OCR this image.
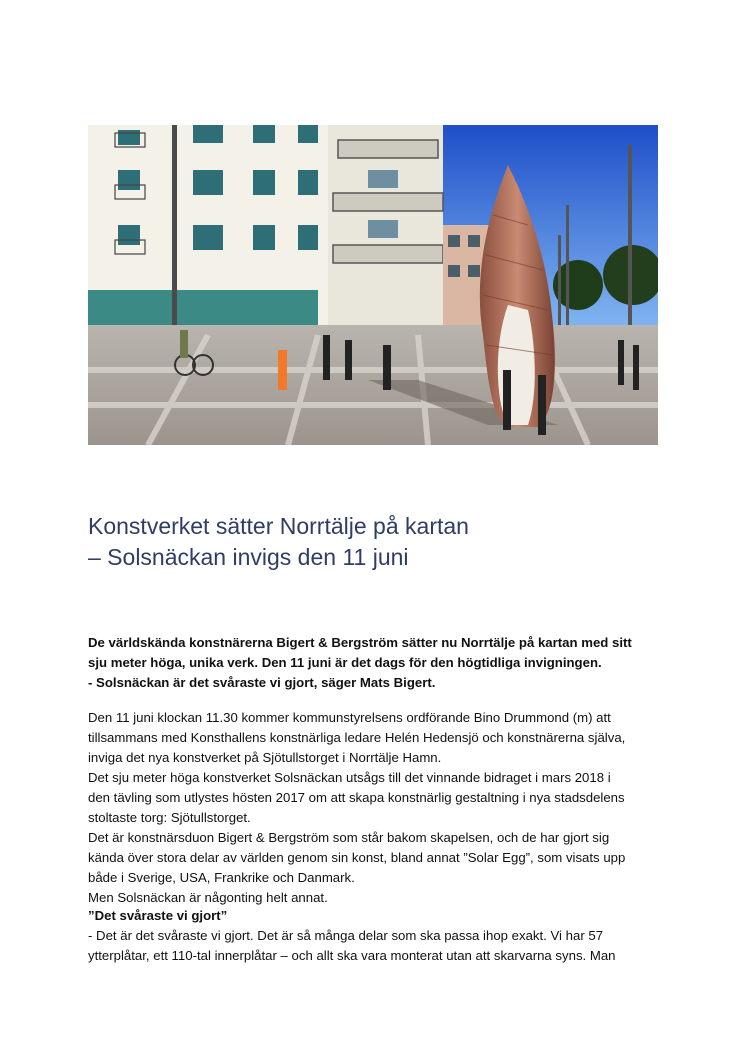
Konstverket sätter Norrtälje på kartan
– Solsnäckan invigs den 11 juni

De världskända konstnärerna Bigert & Bergström sätter nu Norrtälje på kartan med sitt
sju meter höga, unika verk. Den 11 juni är det dags för den högtidliga invigningen.
- Solsnäckan är det svåraste vi gjort, säger Mats Bigert.

Den 11 juni klockan 11.30 kommer kommunstyrelsens ordförande Bino Drummond (m) att
tillsammans med Konsthallens konstnärliga ledare Helén Hedensjö och konstnärerna själva,
inviga det nya konstverket på Sjötullstorget i Norrtälje Hamn.
Det sju meter höga konstverket Solsnäckan utsågs till det vinnande bidraget i mars 2018 i
den tävling som utlystes hösten 2017 om att skapa konstnärlig gestaltning i nya stadsdelens
stoltaste torg: Sjötullstorget.
Det är konstnärsduon Bigert & Bergström som står bakom skapelsen, och de har gjort sig
kända över stora delar av världen genom sin konst, bland annat ”Solar Egg”, som visats upp
både i Sverige, USA, Frankrike och Danmark.
Men Solsnäckan är någonting helt annat.

”Det svåraste vi gjort”

- Det är det svåraste vi gjort. Det är så många delar som ska passa ihop exakt. Vi har 57
ytterplåtar, ett 110-tal innerplåtar – och allt ska vara monterat utan att skarvarna syns. Man
